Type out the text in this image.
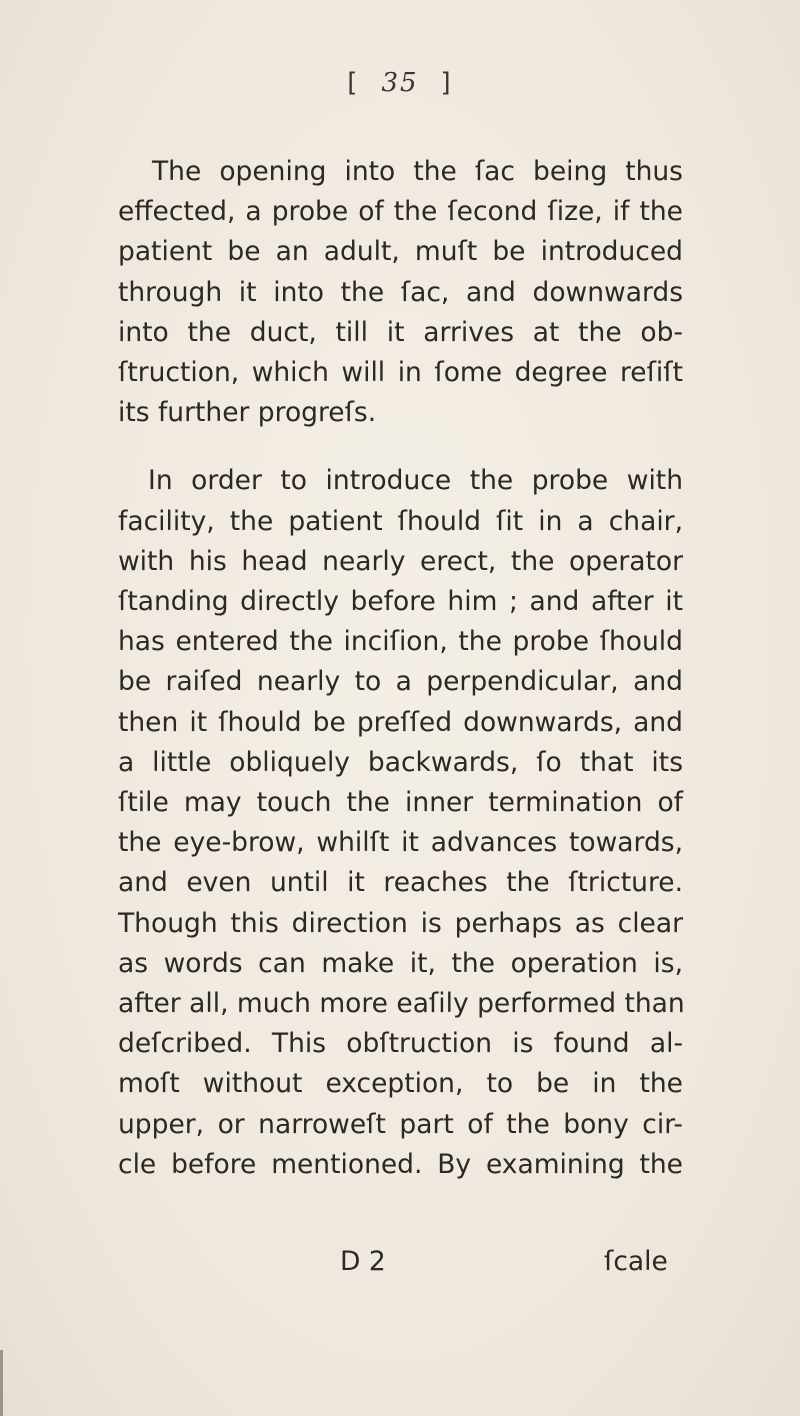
[ 35 ]

The opening into the ſac being thus
effected, a probe of the ſecond ſize, if the
patient be an adult, muſt be introduced
through it into the ſac, and downwards
into the duct, till it arrives at the ob-
ſtruction, which will in ſome degree reſiſt
its further progreſs.

In order to introduce the probe with
facility, the patient ſhould ſit in a chair,
with his head nearly erect, the operator
ſtanding directly before him ; and after it
has entered the inciſion, the probe ſhould
be raiſed nearly to a perpendicular, and
then it ſhould be preſſed downwards, and
a little obliquely backwards, ſo that its
ſtile may touch the inner termination of
the eye-brow, whilſt it advances towards,
and even until it reaches the ſtricture.
Though this direction is perhaps as clear
as words can make it, the operation is,
after all, much more eaſily performed than
deſcribed. This obſtruction is found al-
moſt without exception, to be in the
upper, or narroweſt part of the bony cir-
cle before mentioned. By examining the

D 2	ſcale
